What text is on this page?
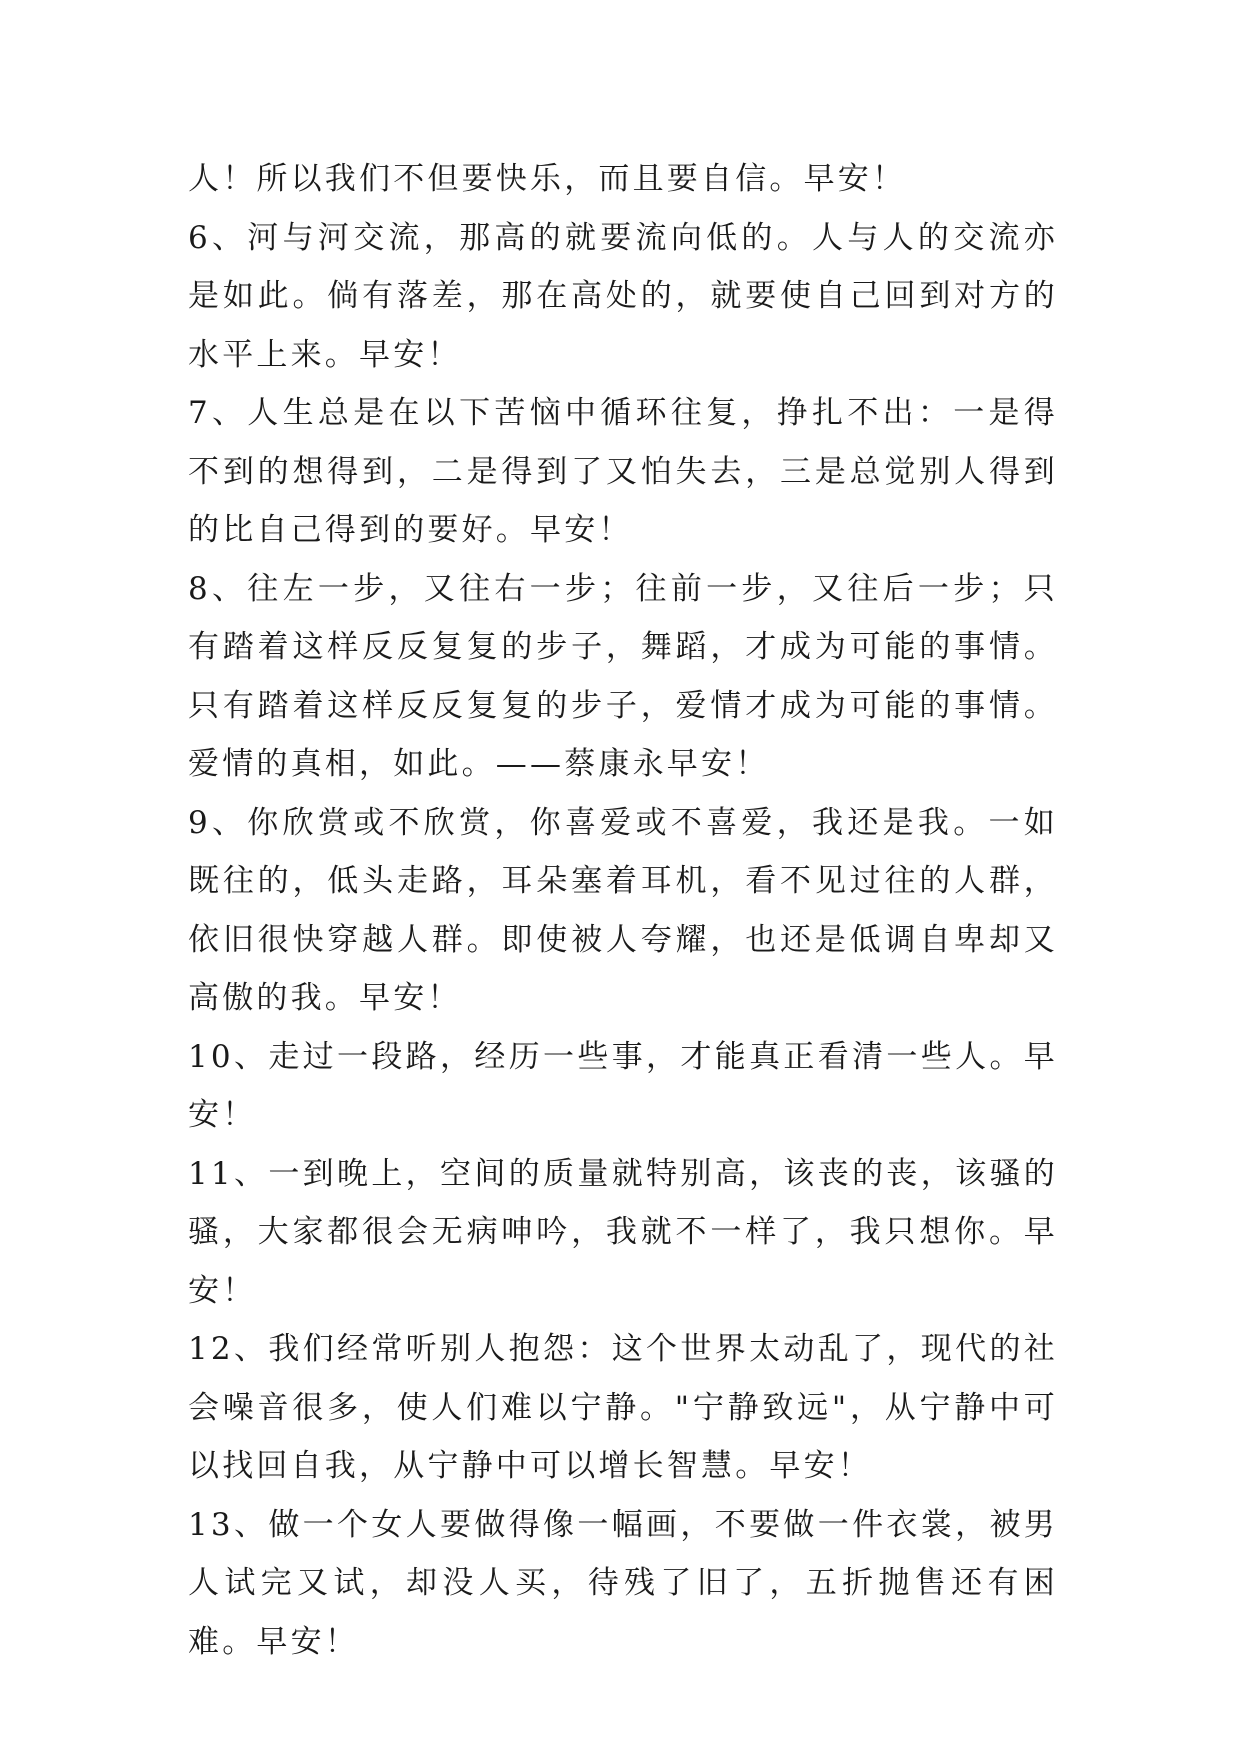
人！所以我们不但要快乐，而且要自信。早安！

6、河与河交流，那高的就要流向低的。人与人的交流亦是如此。倘有落差，那在高处的，就要使自己回到对方的水平上来。早安！

7、人生总是在以下苦恼中循环往复，挣扎不出：一是得不到的想得到，二是得到了又怕失去，三是总觉别人得到的比自己得到的要好。早安！

8、往左一步，又往右一步；往前一步，又往后一步；只有踏着这样反反复复的步子，舞蹈，才成为可能的事情。只有踏着这样反反复复的步子，爱情才成为可能的事情。爱情的真相，如此。——蔡康永早安！

9、你欣赏或不欣赏，你喜爱或不喜爱，我还是我。一如既往的，低头走路，耳朵塞着耳机，看不见过往的人群，依旧很快穿越人群。即使被人夸耀，也还是低调自卑却又高傲的我。早安！

10、走过一段路，经历一些事，才能真正看清一些人。早安！

11、一到晚上，空间的质量就特别高，该丧的丧，该骚的骚，大家都很会无病呻吟，我就不一样了，我只想你。早安！

12、我们经常听别人抱怨：这个世界太动乱了，现代的社会噪音很多，使人们难以宁静。"宁静致远"，从宁静中可以找回自我，从宁静中可以增长智慧。早安！

13、做一个女人要做得像一幅画，不要做一件衣裳，被男人试完又试，却没人买，待残了旧了，五折抛售还有困难。早安！
